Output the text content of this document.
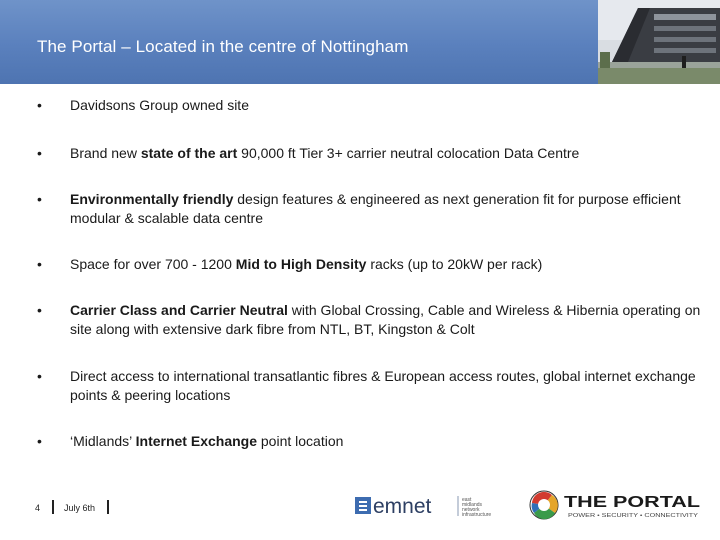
The Portal – Located in the centre of Nottingham
•	Davidsons Group owned site
•	Brand new state of the art 90,000 ft Tier 3+ carrier neutral colocation Data Centre
•	Environmentally friendly design features & engineered as next generation fit for purpose efficient modular & scalable data centre
•	Space for over 700 - 1200 Mid to High Density racks (up to 20kW per rack)
•	Carrier Class and Carrier Neutral with Global Crossing, Cable and Wireless & Hibernia operating on site along with extensive dark fibre from NTL, BT, Kingston & Colt
•	Direct access to international transatlantic fibres & European access routes, global internet exchange points & peering locations
•	‘Midlands’ Internet Exchange point location
4	July 6th	emnet	east
midlands
network
infrastructure
THE PORTAL
POWER • SECURITY • CONNECTIVITY
